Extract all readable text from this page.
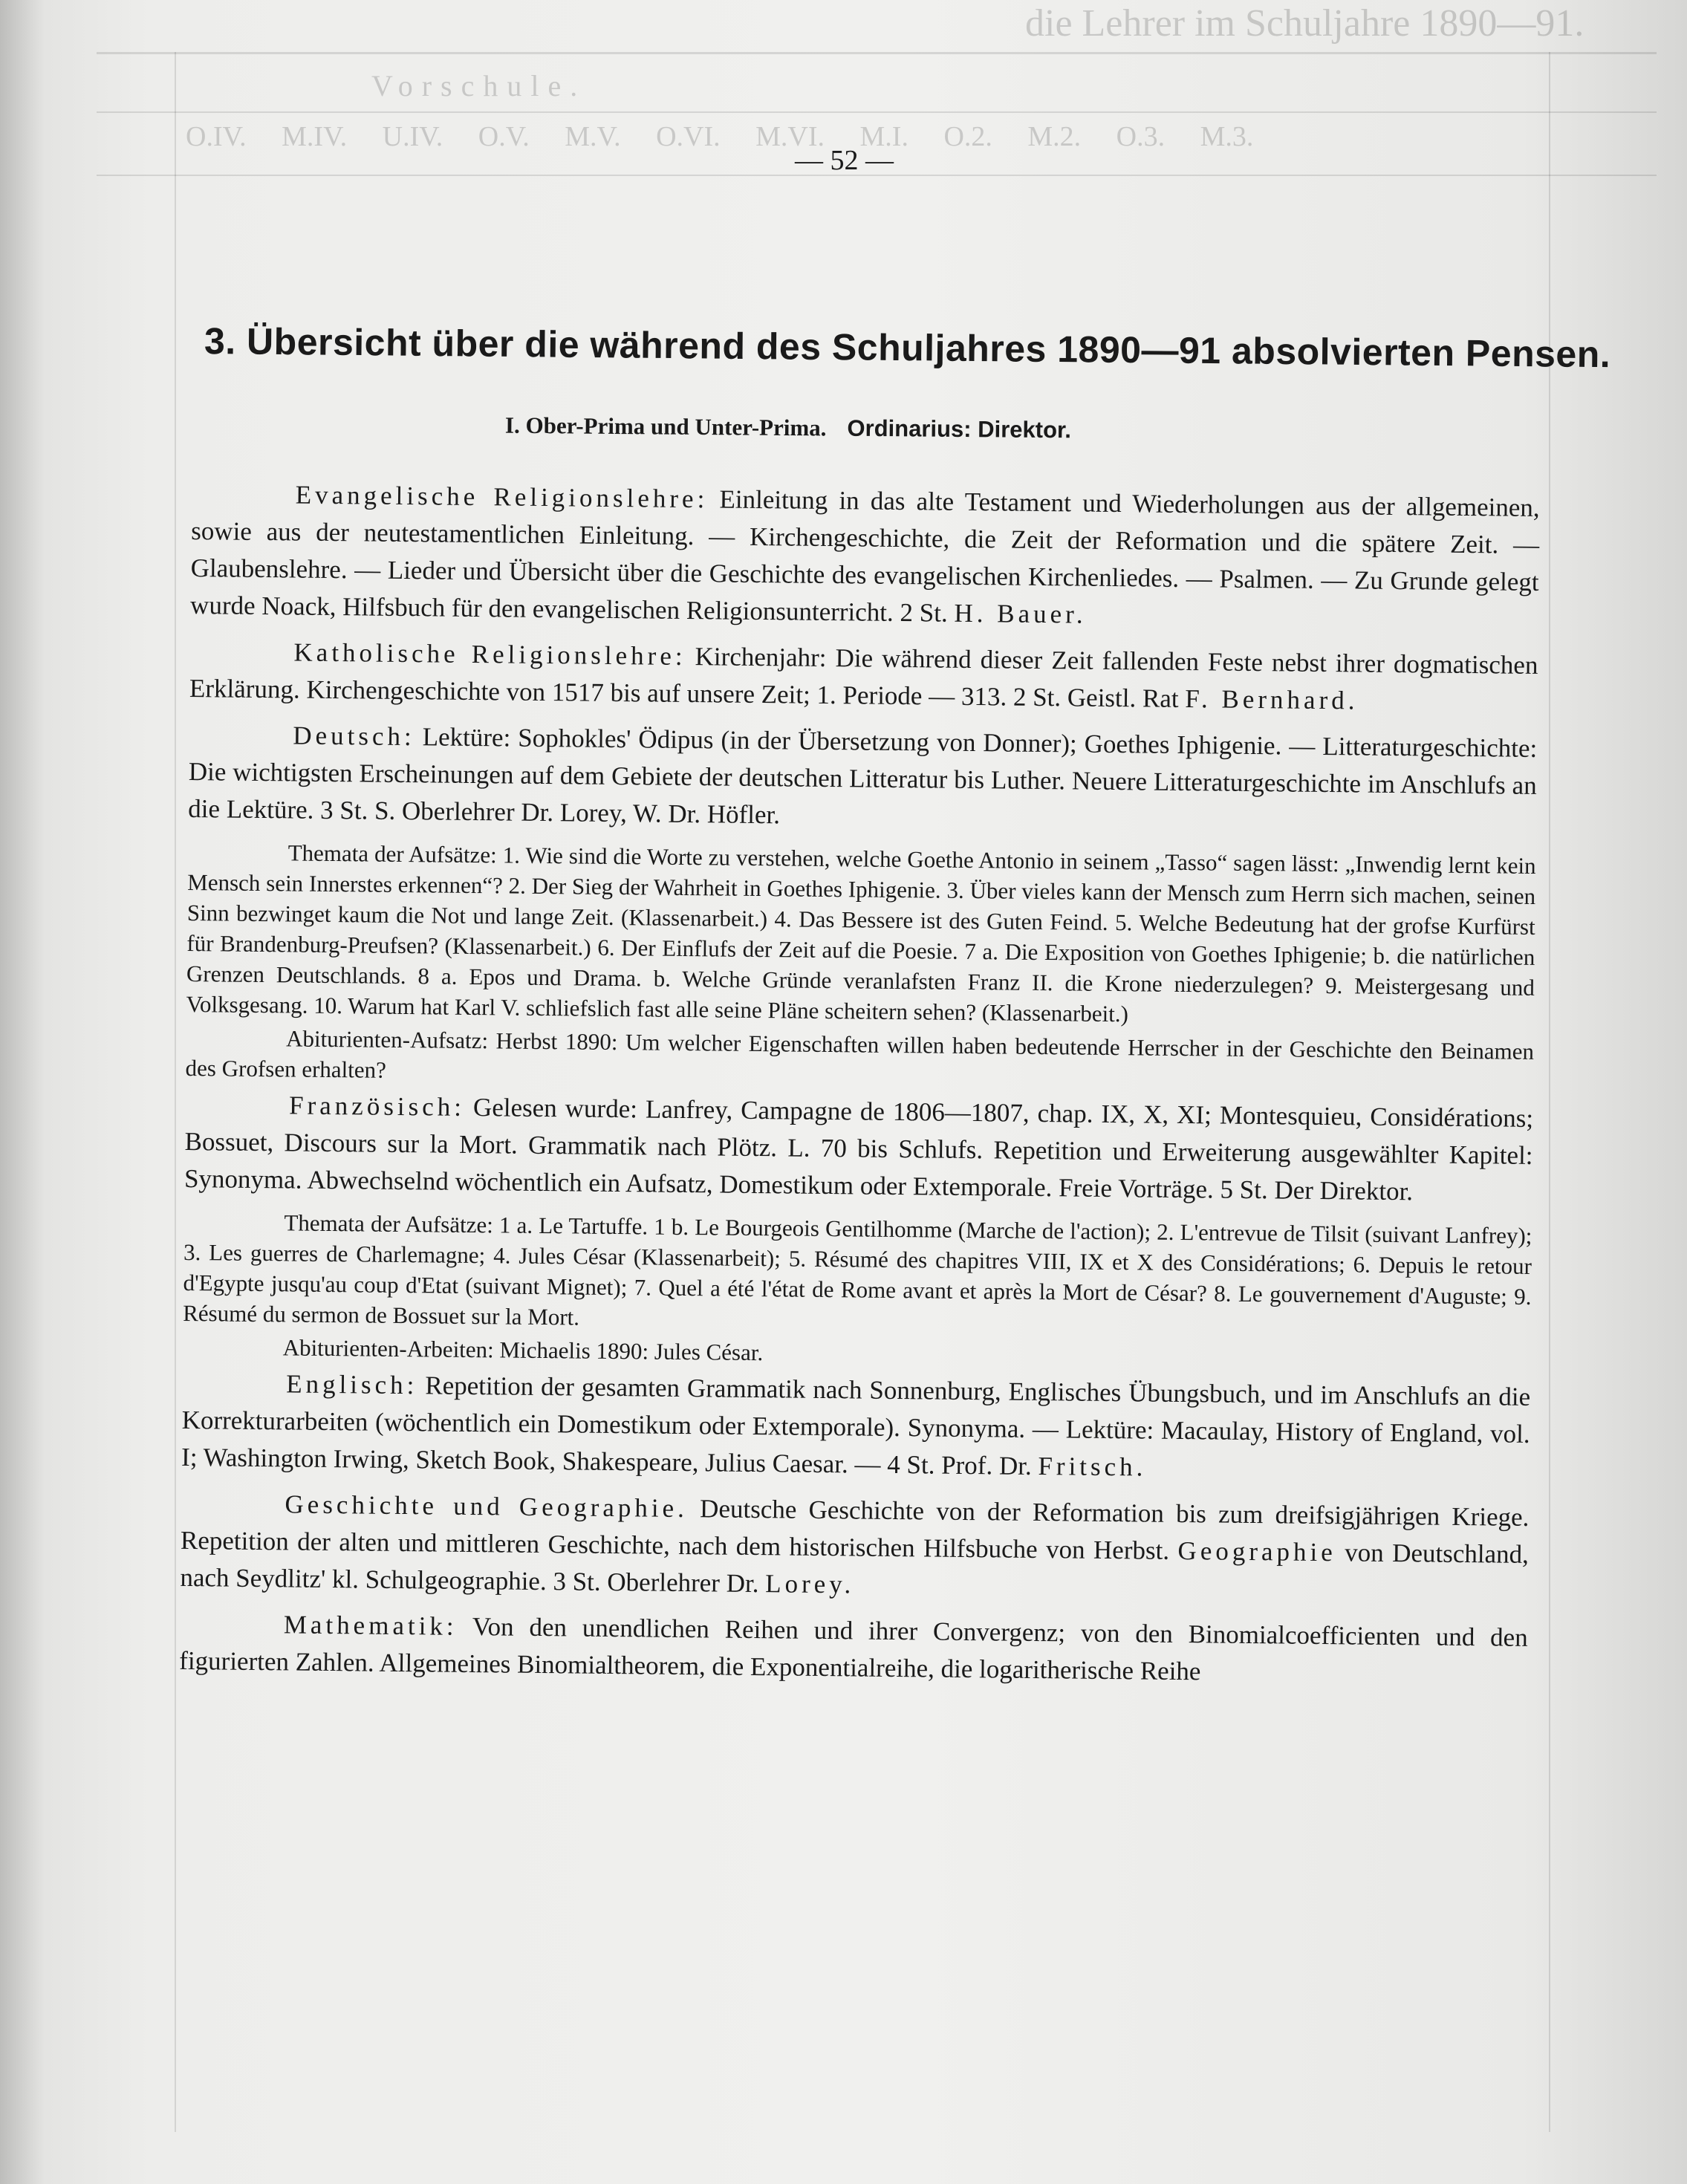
die Lehrer im Schuljahre 1890—91.
Vorschule.
O.IV. M.IV. U.IV. O.V. M.V. O.VI. M.VI. M.I. O.2. M.2. O.3. M.3.
— 52 —
3. Übersicht über die während des Schuljahres 1890—91 absolvierten Pensen.
I. Ober-Prima und Unter-Prima. Ordinarius: Direktor.

Evangelische Religionslehre: Einleitung in das alte Testament und Wiederholungen aus der allgemeinen, sowie aus der neutestamentlichen Einleitung. — Kirchengeschichte, die Zeit der Reformation und die spätere Zeit. — Glaubenslehre. — Lieder und Übersicht über die Geschichte des evangelischen Kirchenliedes. — Psalmen. — Zu Grunde gelegt wurde Noack, Hilfsbuch für den evangelischen Religionsunterricht. 2 St. H. Bauer.

Katholische Religionslehre: Kirchenjahr: Die während dieser Zeit fallenden Feste nebst ihrer dogmatischen Erklärung. Kirchengeschichte von 1517 bis auf unsere Zeit; 1. Periode — 313. 2 St. Geistl. Rat F. Bernhard.

Deutsch: Lektüre: Sophokles' Ödipus (in der Übersetzung von Donner); Goethes Iphigenie. — Litteraturgeschichte: Die wichtigsten Erscheinungen auf dem Gebiete der deutschen Litteratur bis Luther. Neuere Litteraturgeschichte im Anschlufs an die Lektüre. 3 St. S. Oberlehrer Dr. Lorey, W. Dr. Höfler.

Themata der Aufsätze: 1. Wie sind die Worte zu verstehen, welche Goethe Antonio in seinem „Tasso“ sagen lässt: „Inwendig lernt kein Mensch sein Innerstes erkennen“? 2. Der Sieg der Wahrheit in Goethes Iphigenie. 3. Über vieles kann der Mensch zum Herrn sich machen, seinen Sinn bezwinget kaum die Not und lange Zeit. (Klassenarbeit.) 4. Das Bessere ist des Guten Feind. 5. Welche Bedeutung hat der grofse Kurfürst für Brandenburg-Preufsen? (Klassenarbeit.) 6. Der Einflufs der Zeit auf die Poesie. 7 a. Die Exposition von Goethes Iphigenie; b. die natürlichen Grenzen Deutschlands. 8 a. Epos und Drama. b. Welche Gründe veranlafsten Franz II. die Krone niederzulegen? 9. Meistergesang und Volksgesang. 10. Warum hat Karl V. schliefslich fast alle seine Pläne scheitern sehen? (Klassenarbeit.)

Abiturienten-Aufsatz: Herbst 1890: Um welcher Eigenschaften willen haben bedeutende Herrscher in der Geschichte den Beinamen des Grofsen erhalten?

Französisch: Gelesen wurde: Lanfrey, Campagne de 1806—1807, chap. IX, X, XI; Montesquieu, Considérations; Bossuet, Discours sur la Mort. Grammatik nach Plötz. L. 70 bis Schlufs. Repetition und Erweiterung ausgewählter Kapitel: Synonyma. Abwechselnd wöchentlich ein Aufsatz, Domestikum oder Extemporale. Freie Vorträge. 5 St. Der Direktor.

Themata der Aufsätze: 1 a. Le Tartuffe. 1 b. Le Bourgeois Gentilhomme (Marche de l'action); 2. L'entrevue de Tilsit (suivant Lanfrey); 3. Les guerres de Charlemagne; 4. Jules César (Klassenarbeit); 5. Résumé des chapitres VIII, IX et X des Considérations; 6. Depuis le retour d'Egypte jusqu'au coup d'Etat (suivant Mignet); 7. Quel a été l'état de Rome avant et après la Mort de César? 8. Le gouvernement d'Auguste; 9. Résumé du sermon de Bossuet sur la Mort.

Abiturienten-Arbeiten: Michaelis 1890: Jules César.

Englisch: Repetition der gesamten Grammatik nach Sonnenburg, Englisches Übungsbuch, und im Anschlufs an die Korrekturarbeiten (wöchentlich ein Domestikum oder Extemporale). Synonyma. — Lektüre: Macaulay, History of England, vol. I; Washington Irwing, Sketch Book, Shakespeare, Julius Caesar. — 4 St. Prof. Dr. Fritsch.

Geschichte und Geographie. Deutsche Geschichte von der Reformation bis zum dreifsigjährigen Kriege. Repetition der alten und mittleren Geschichte, nach dem historischen Hilfsbuche von Herbst. Geographie von Deutschland, nach Seydlitz' kl. Schulgeographie. 3 St. Oberlehrer Dr. Lorey.

Mathematik: Von den unendlichen Reihen und ihrer Convergenz; von den Binomialcoefficienten und den figurierten Zahlen. Allgemeines Binomialtheorem, die Exponentialreihe, die logaritherische Reihe
